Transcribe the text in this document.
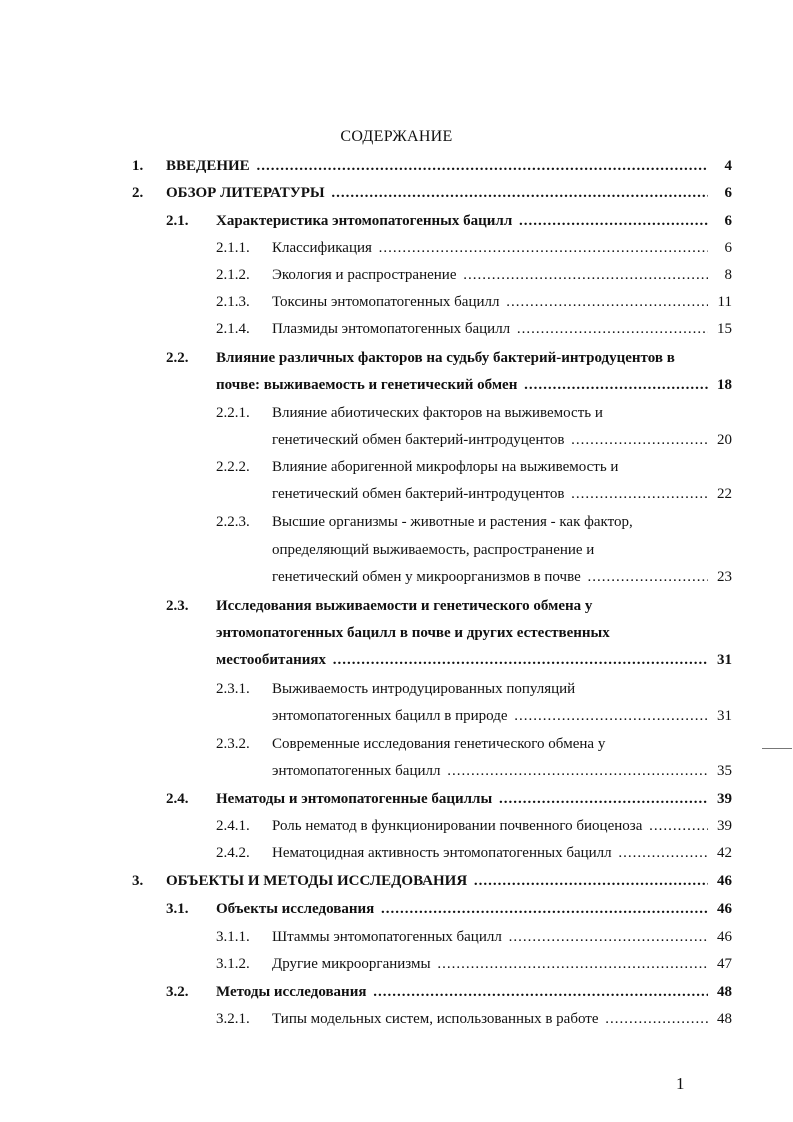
СОДЕРЖАНИЕ
1. ВВЕДЕНИЕ .....	4
2. ОБЗОР ЛИТЕРАТУРЫ .....	6
2.1. Характеристика энтомопатогенных бацилл .....	6
2.1.1. Классификация .....	6
2.1.2. Экология и распространение .....	8
2.1.3. Токсины энтомопатогенных бацилл .....	11
2.1.4. Плазмиды энтомопатогенных бацилл .....	15
2.2. Влияние различных факторов на судьбу бактерий-интродуцентов в
почве: выживаемость и генетический обмен .....	18
2.2.1. Влияние абиотических факторов на выживемость и
генетический обмен бактерий-интродуцентов .....	20
2.2.2. Влияние аборигенной микрофлоры на выживемость и
генетический обмен бактерий-интродуцентов .....	22
2.2.3. Высшие организмы - животные и растения - как фактор,
определяющий выживаемость, распространение и
генетический обмен у микроорганизмов в почве .....	23
2.3. Исследования выживаемости и генетического обмена у
энтомопатогенных бацилл в почве и других естественных
местообитаниях .....	31
2.3.1. Выживаемость интродуцированных популяций
энтомопатогенных бацилл в природе .....	31
2.3.2. Современные исследования генетического обмена у
энтомопатогенных бацилл .....	35
2.4. Нематоды и энтомопатогенные бациллы .....	39
2.4.1. Роль нематод в функционировании почвенного биоценоза .....	39
2.4.2. Нематоцидная активность энтомопатогенных бацилл .....	42
3. ОБЪЕКТЫ И МЕТОДЫ ИССЛЕДОВАНИЯ .....	46
3.1. Объекты исследования .....	46
3.1.1. Штаммы энтомопатогенных бацилл .....	46
3.1.2. Другие микроорганизмы .....	47
3.2. Методы исследования .....	48
3.2.1. Типы модельных систем, использованных в работе .....	48
1
